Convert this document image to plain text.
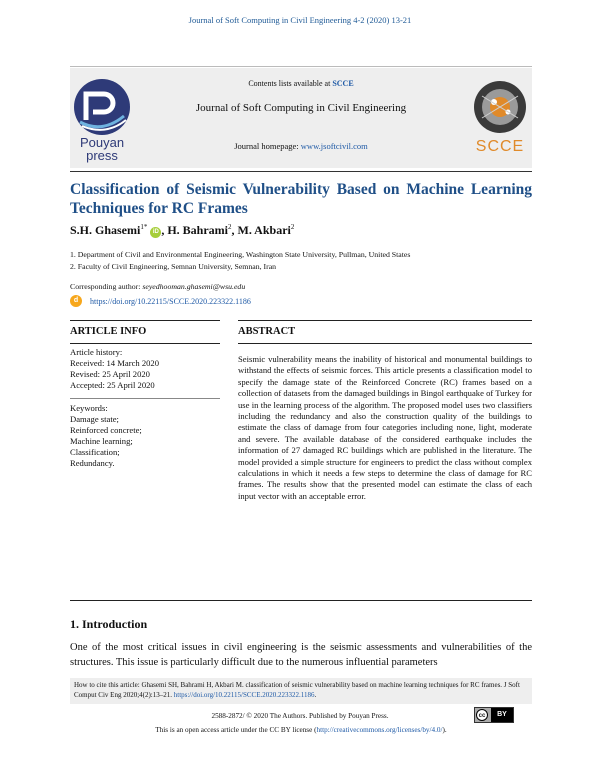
Journal of Soft Computing in Civil Engineering 4-2 (2020) 13-21
Contents lists available at SCCE
Journal of Soft Computing in Civil Engineering
Journal homepage: www.jsoftcivil.com
Pouyan
press
SCCE
Classification of Seismic Vulnerability Based on Machine Learning Techniques for RC Frames
S.H. Ghasemi$^{1*}$ iD , H. Bahrami$^2$, M. Akbari$^2$
1. Department of Civil and Environmental Engineering, Washington State University, Pullman, United States
2. Faculty of Civil Engineering, Semnan University, Semnan, Iran
Corresponding author: seyedhooman.ghasemi@wsu.edu
d https://doi.org/10.22115/SCCE.2020.223322.1186
ARTICLE INFO	ABSTRACT
Article history:
Received: 14 March 2020
Revised: 25 April 2020
Accepted: 25 April 2020
Keywords:
Damage state;
Reinforced concrete;
Machine learning;
Classification;
Redundancy.
Seismic vulnerability means the inability of historical and monumental buildings to withstand the effects of seismic forces. This article presents a classification model to specify the damage state of the Reinforced Concrete (RC) frames based on a collection of datasets from the damaged buildings in Bingol earthquake of Turkey for use in the learning process of the algorithm. The proposed model uses two classifiers including the redundancy and also the construction quality of the buildings to estimate the class of damage from four categories including none, light, moderate and severe. The available database of the considered earthquake includes the information of 27 damaged RC buildings which are published in the literature. The model provided a simple structure for engineers to predict the class without complex calculations in which it needs a few steps to determine the class of damage for RC frames. The results show that the presented model can estimate the class of each input vector with an acceptable error.
1. Introduction
One of the most critical issues in civil engineering is the seismic assessments and vulnerabilities of the structures. This issue is particularly difficult due to the numerous influential parameters
How to cite this article: Ghasemi SH, Bahrami H, Akbari M. classification of seismic vulnerability based on machine learning techniques for RC frames. J Soft Comput Civ Eng 2020;4(2):13–21. https://doi.org/10.22115/SCCE.2020.223322.1186.
2588-2872/ © 2020 The Authors. Published by Pouyan Press.
This is an open access article under the CC BY license (http://creativecommons.org/licenses/by/4.0/).
cc	BY
